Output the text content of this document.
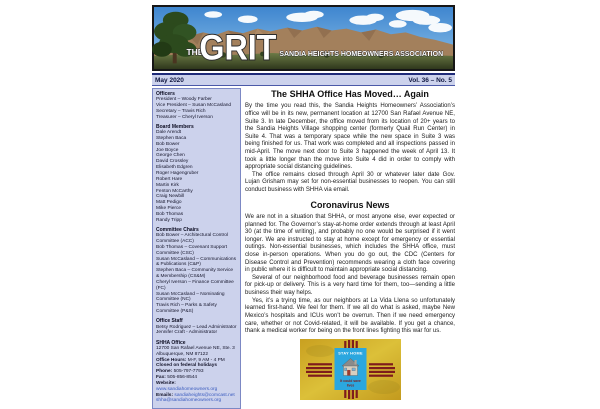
THE
GRIT SANDIA HEIGHTS HOMEOWNERS ASSOCIATION
May 2020	Vol. 36 – No. 5
Officers
President – Woody Farber
Vice President – Susan McCasland
Secretary – Travis Rich
Treasurer – Cheryl Iverson
Board Members
Dale Arendt
Stephen Baca
Bob Bower
Joe Boyce
George Chen
David Crossley
Elisabeth Edgren
Roger Hagengruber
Robert Hare
Martin Kirk
Fenton McCarthy
Craig Newbill
Matt Pedigo
Mike Pierce
Bob Thomas
Randy Tripp
Committee Chairs
Bob Bower – Architectural Control Committee (ACC)
Bob Thomas – Covenant Support Committee (CSC)
Susan McCasland – Communications & Publications (C&P)
Stephen Baca – Community Service & Membership (CS&M)
Cheryl Iverson – Finance Committee (FC)
Susan McCasland – Nominating Committee (NC)
Travis Rich – Parks & Safety Committee (P&S)
Office Staff
Betsy Rodriguez – Lead Administrator
Jennifer Craft - Administrator
SHHA Office
12700 San Rafael Avenue NE, Ste. 3
Albuquerque, NM 87122
Office Hours: M-F, 9 AM - 4 PM
Closed on federal holidays
Phone: 505-797-7793
Fax: 505-856-8544
Website: www.sandiahomeowners.org
Emails: sandiaheights@comcast.net
shha@sandiahomeowners.org
The SHHA Office Has Moved… Again

By the time you read this, the Sandia Heights Homeowners’ Association’s office will be in its new, permanent location at 12700 San Rafael Avenue NE, Suite 3. In late December, the office moved from its location of 20+ years to the Sandia Heights Village shopping center (formerly Quail Run Center) in Suite 4. That was a temporary space while the new space in Suite 3 was being finished for us. That work was completed and all inspections passed in mid-April. The move next door to Suite 3 happened the week of April 13. It took a little longer than the move into Suite 4 did in order to comply with appropriate social distancing guidelines.

The office remains closed through April 30 or whatever later date Gov. Lujan Grisham may set for non-essential businesses to reopen. You can still conduct business with SHHA via email.

Coronavirus News

We are not in a situation that SHHA, or most anyone else, ever expected or planned for. The Governor’s stay-at-home order extends through at least April 30 (at the time of writing), and probably no one would be surprised if it went longer. We are instructed to stay at home except for emergency or essential outings. Non-essential businesses, which includes the SHHA office, must close in-person operations. When you do go out, the CDC (Centers for Disease Control and Prevention) recommends wearing a cloth face covering in public where it is difficult to maintain appropriate social distancing.

Several of our neighborhood food and beverage businesses remain open for pick-up or delivery. This is a very hard time for them, too—sending a little business their way helps.

Yes, it’s a trying time, as our neighbors at La Vida Llena so unfortunately learned first-hand. We feel for them. If we all do what is asked, maybe New Mexico’s hospitals and ICUs won’t be overrun. Then if we need emergency care, whether or not Covid-related, it will be available. If you get a chance, thank a medical worker for being on the front lines fighting this war for us.

STAY HOME
It could save
lives
